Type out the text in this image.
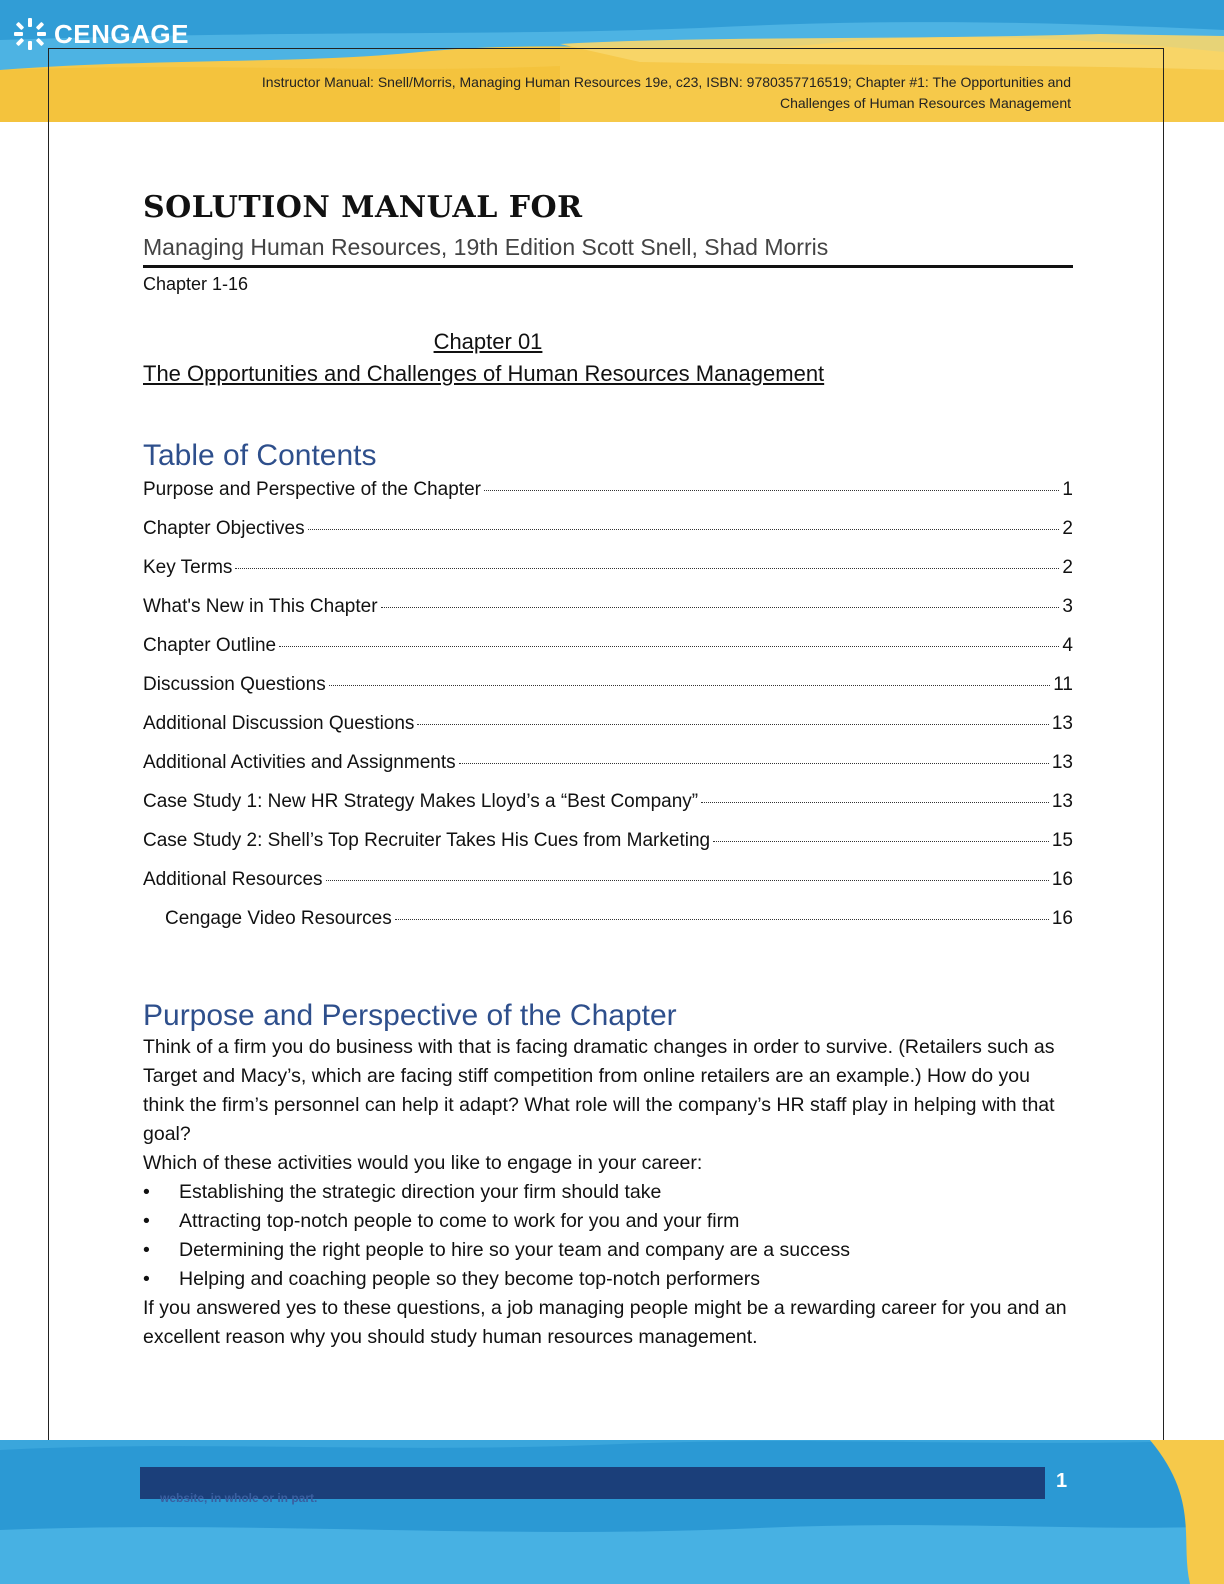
CENGAGE
Instructor Manual: Snell/Morris, Managing Human Resources 19e, c23, ISBN: 9780357716519; Chapter #1: The Opportunities and
Challenges of Human Resources Management
SOLUTION MANUAL FOR
Managing Human Resources, 19th Edition Scott Snell, Shad Morris
Chapter 1-16
Chapter 01
The Opportunities and Challenges of Human Resources Management
Table of Contents
Purpose and Perspective of the Chapter	1
Chapter Objectives	2
Key Terms	2
What's New in This Chapter	3
Chapter Outline	4
Discussion Questions	11
Additional Discussion Questions	13
Additional Activities and Assignments	13
Case Study 1: New HR Strategy Makes Lloyd’s a “Best Company”	13
Case Study 2: Shell’s Top Recruiter Takes His Cues from Marketing	15
Additional Resources	16
Cengage Video Resources	16
Purpose and Perspective of the Chapter
Think of a firm you do business with that is facing dramatic changes in order to survive. (Retailers such as Target and Macy’s, which are facing stiff competition from online retailers are an example.) How do you think the firm’s personnel can help it adapt? What role will the company’s HR staff play in helping with that goal?
Which of these activities would you like to engage in your career:
•	Establishing the strategic direction your firm should take
•	Attracting top-notch people to come to work for you and your firm
•	Determining the right people to hire so your team and company are a success
•	Helping and coaching people so they become top-notch performers
If you answered yes to these questions, a job managing people might be a rewarding career for you and an excellent reason why you should study human resources management.
website, in whole or in part.
1
